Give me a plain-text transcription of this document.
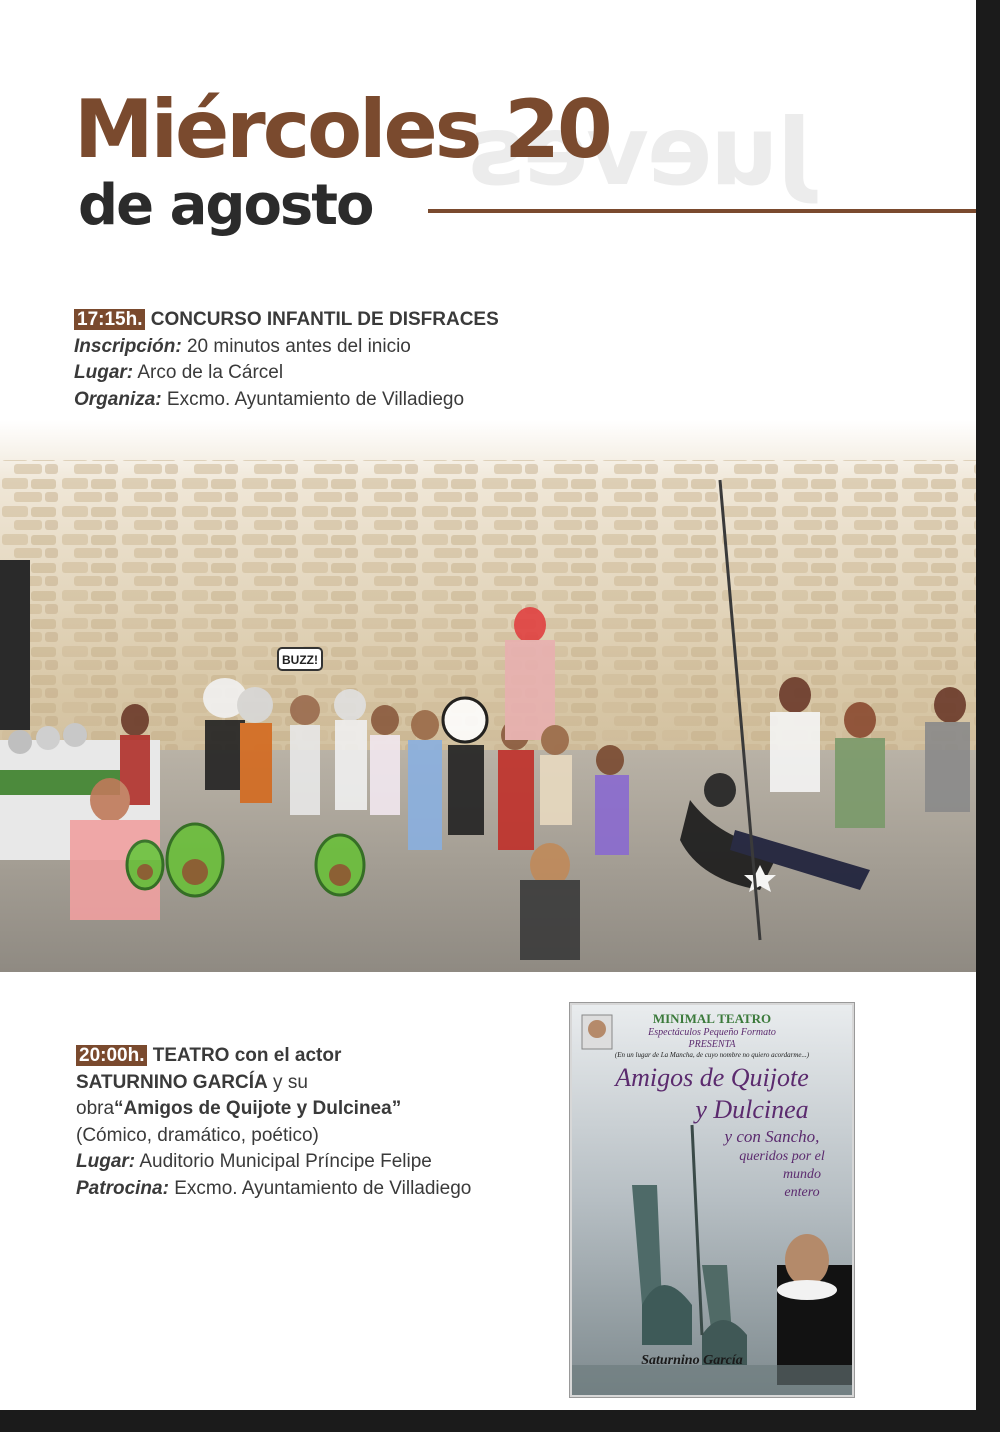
Jueves
Miércoles 20
de agosto
17:15h. CONCURSO INFANTIL DE DISFRACES
Inscripción: 20 minutos antes del inicio
Lugar: Arco de la Cárcel
Organiza: Excmo. Ayuntamiento de Villadiego
BUZZ!
20:00h. TEATRO con el actor
SATURNINO GARCÍA y su
obra“Amigos de Quijote y Dulcinea”
(Cómico, dramático, poético)
Lugar: Auditorio Municipal Príncipe Felipe
Patrocina: Excmo. Ayuntamiento de Villadiego
MINIMAL TEATRO
Espectáculos Pequeño Formato
PRESENTA
(En un lugar de La Mancha, de cuyo nombre no quiero acordarme...)
Amigos de Quijote
y Dulcinea
y con Sancho,
queridos por el
mundo
entero
Saturnino García
